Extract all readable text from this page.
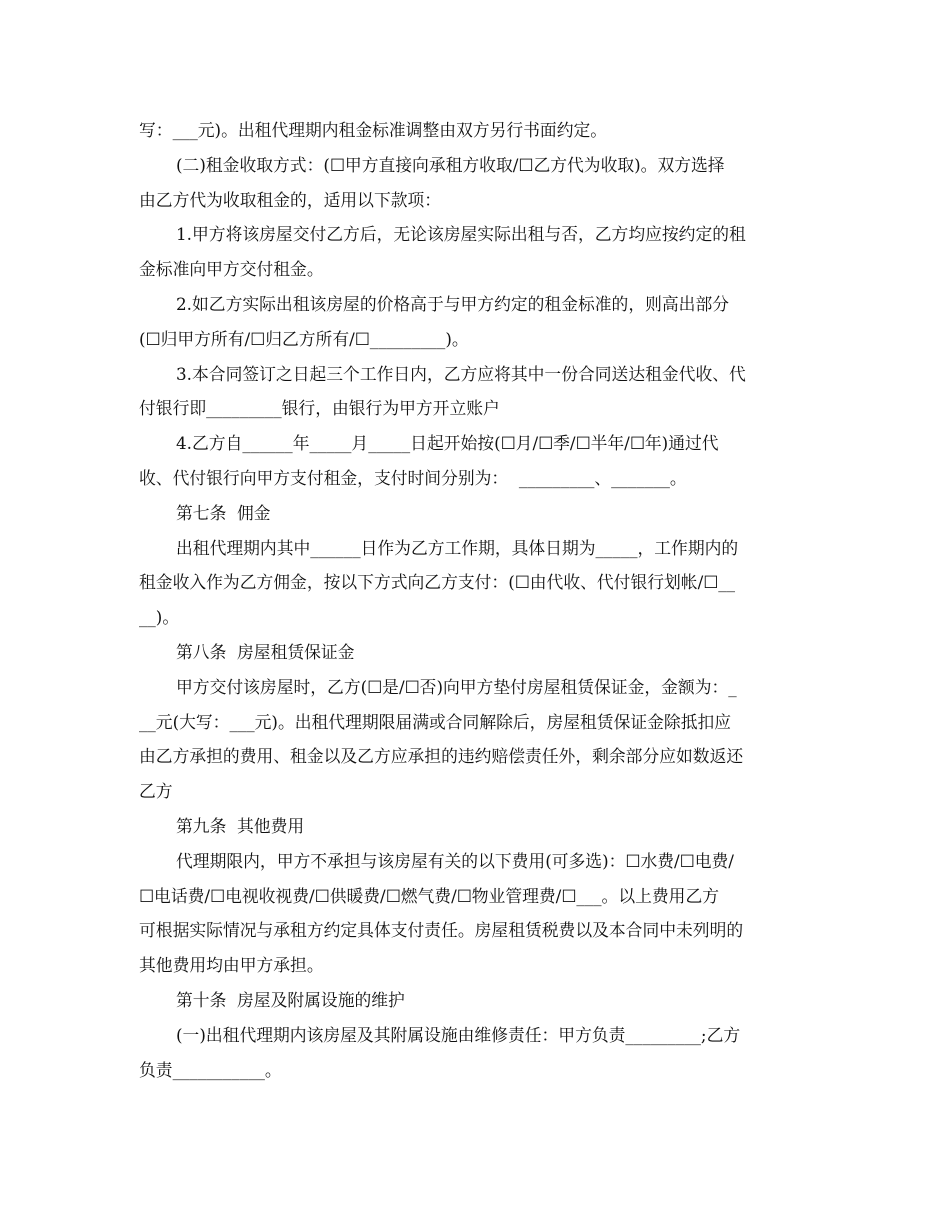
写：___元)。出租代理期内租金标准调整由双方另行书面约定。
(二)租金收取方式：(☐甲方直接向承租方收取/☐乙方代为收取)。双方选择
由乙方代为收取租金的，适用以下款项：
1.甲方将该房屋交付乙方后，无论该房屋实际出租与否，乙方均应按约定的租
金标准向甲方交付租金。
2.如乙方实际出租该房屋的价格高于与甲方约定的租金标准的，则高出部分
(☐归甲方所有/☐归乙方所有/☐_________)。
3.本合同签订之日起三个工作日内，乙方应将其中一份合同送达租金代收、代
付银行即_________银行，由银行为甲方开立账户
4.乙方自______年_____月_____日起开始按(☐月/☐季/☐半年/☐年)通过代
收、代付银行向甲方支付租金，支付时间分别为：  _________、_______。
第七条  佣金
出租代理期内其中______日作为乙方工作期，具体日期为_____，工作期内的
租金收入作为乙方佣金，按以下方式向乙方支付：(☐由代收、代付银行划帐/☐__
__)。
第八条  房屋租赁保证金
甲方交付该房屋时，乙方(☐是/☐否)向甲方垫付房屋租赁保证金，金额为：_
__元(大写：___元)。出租代理期限届满或合同解除后，房屋租赁保证金除抵扣应
由乙方承担的费用、租金以及乙方应承担的违约赔偿责任外，剩余部分应如数返还
乙方
第九条  其他费用
代理期限内，甲方不承担与该房屋有关的以下费用(可多选)：☐水费/☐电费/
☐电话费/☐电视收视费/☐供暖费/☐燃气费/☐物业管理费/☐___。以上费用乙方
可根据实际情况与承租方约定具体支付责任。房屋租赁税费以及本合同中未列明的
其他费用均由甲方承担。
第十条  房屋及附属设施的维护
(一)出租代理期内该房屋及其附属设施由维修责任：甲方负责_________;乙方
负责___________。
